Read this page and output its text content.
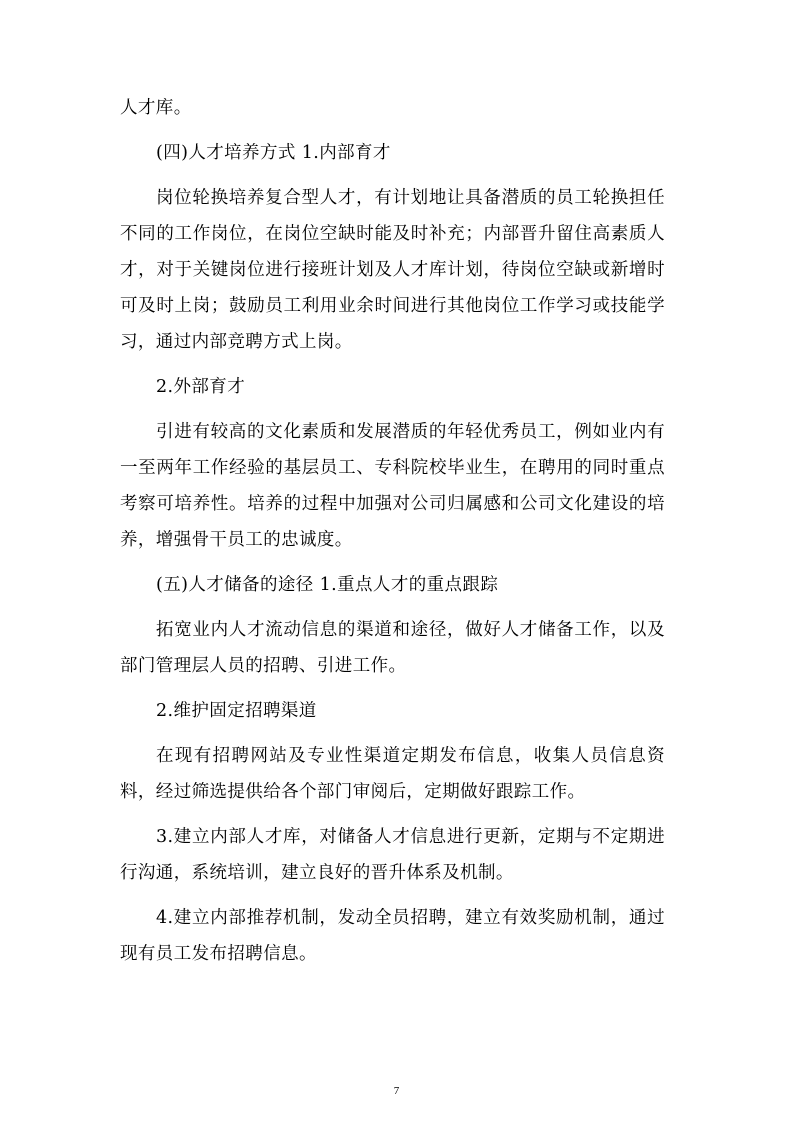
人才库。

(四)人才培养方式 1.内部育才

岗位轮换培养复合型人才，有计划地让具备潜质的员工轮换担任不同的工作岗位，在岗位空缺时能及时补充；内部晋升留住高素质人才，对于关键岗位进行接班计划及人才库计划，待岗位空缺或新增时可及时上岗；鼓励员工利用业余时间进行其他岗位工作学习或技能学习，通过内部竞聘方式上岗。

2.外部育才

引进有较高的文化素质和发展潜质的年轻优秀员工，例如业内有一至两年工作经验的基层员工、专科院校毕业生，在聘用的同时重点考察可培养性。培养的过程中加强对公司归属感和公司文化建设的培养，增强骨干员工的忠诚度。

(五)人才储备的途径 1.重点人才的重点跟踪

拓宽业内人才流动信息的渠道和途径，做好人才储备工作，以及部门管理层人员的招聘、引进工作。

2.维护固定招聘渠道

在现有招聘网站及专业性渠道定期发布信息，收集人员信息资料，经过筛选提供给各个部门审阅后，定期做好跟踪工作。

3.建立内部人才库，对储备人才信息进行更新，定期与不定期进行沟通，系统培训，建立良好的晋升体系及机制。

4.建立内部推荐机制，发动全员招聘，建立有效奖励机制，通过现有员工发布招聘信息。

7
